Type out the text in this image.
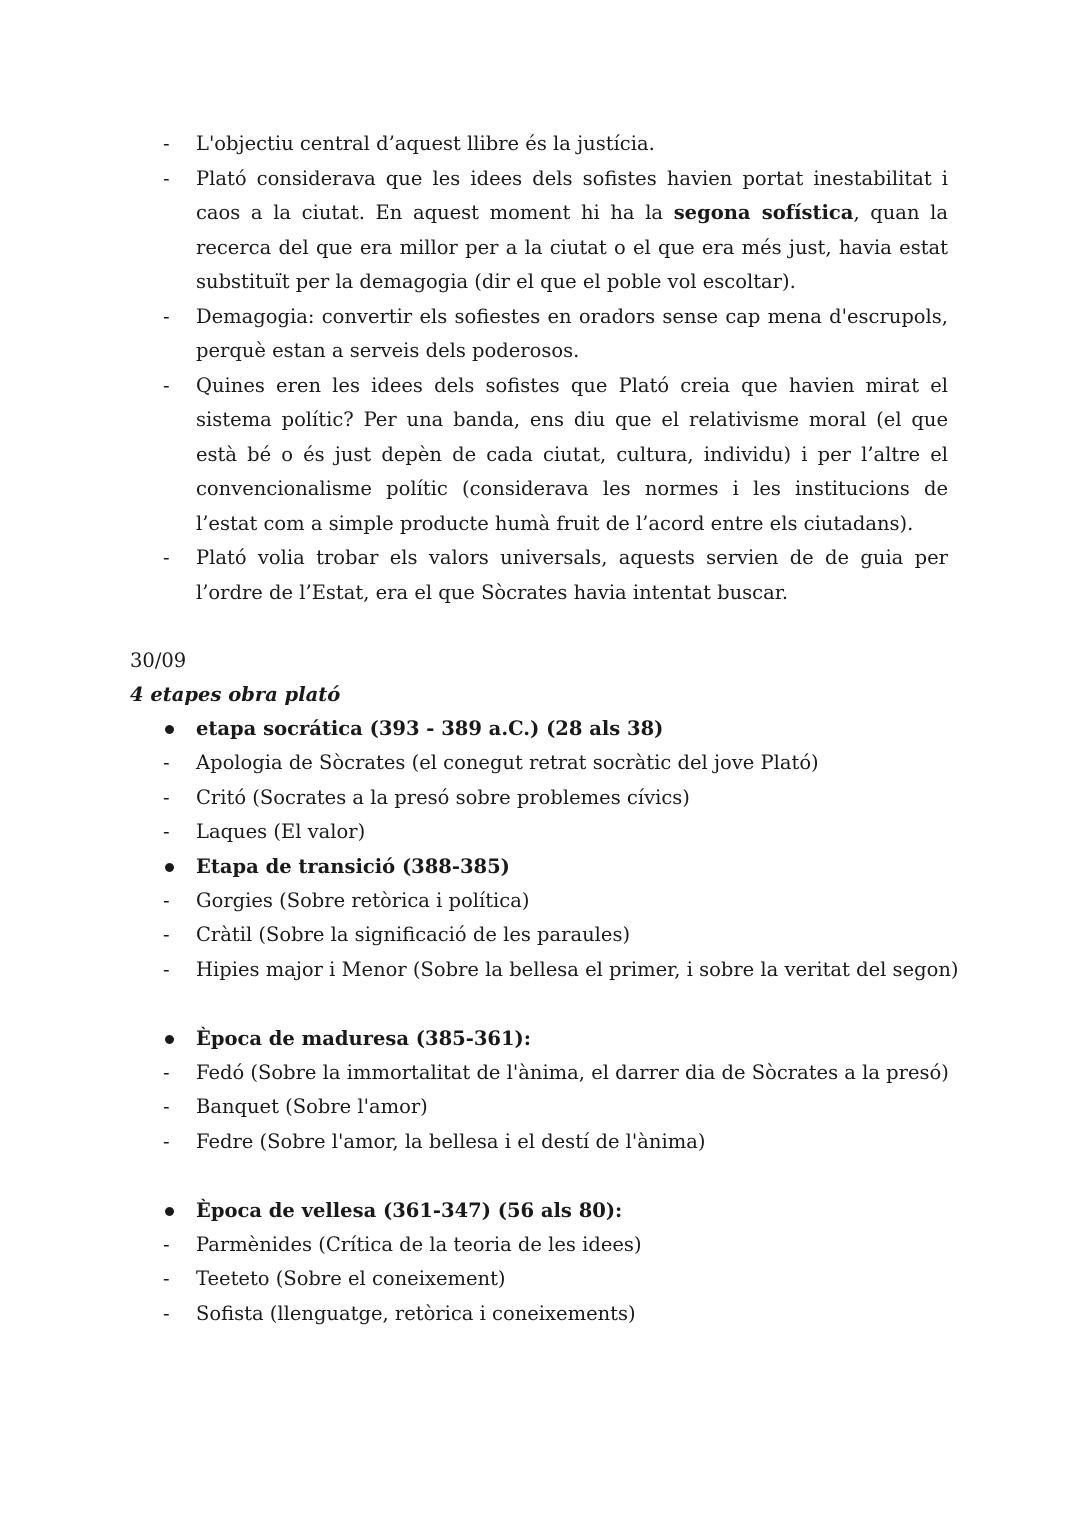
- L'objectiu central d’aquest llibre és la justícia.
- Plató considerava que les idees dels sofistes havien portat inestabilitat i caos a la ciutat. En aquest moment hi ha la segona sofística, quan la recerca del que era millor per a la ciutat o el que era més just, havia estat substituït per la demagogia (dir el que el poble vol escoltar).
- Demagogia: convertir els sofiestes en oradors sense cap mena d'escrupols, perquè estan a serveis dels poderosos.
- Quines eren les idees dels sofistes que Plató creia que havien mirat el sistema polític? Per una banda, ens diu que el relativisme moral (el que està bé o és just depèn de cada ciutat, cultura, individu) i per l’altre el convencionalisme polític (considerava les normes i les institucions de l’estat com a simple producte humà fruit de l’acord entre els ciutadans).
- Plató volia trobar els valors universals, aquests servien de de guia per l’ordre de l’Estat, era el que Sòcrates havia intentat buscar.
30/09
4 etapes obra plató
etapa socrática (393 - 389 a.C.) (28 als 38)
- Apologia de Sòcrates (el conegut retrat socràtic del jove Plató)
- Critó (Socrates a la presó sobre problemes cívics)
- Laques (El valor)
Etapa de transició (388-385)
- Gorgies (Sobre retòrica i política)
- Cràtil (Sobre la significació de les paraules)
- Hipies major i Menor (Sobre la bellesa el primer, i sobre la veritat del segon)
Època de maduresa (385-361):
- Fedó (Sobre la immortalitat de l'ànima, el darrer dia de Sòcrates a la presó)
- Banquet (Sobre l'amor)
- Fedre (Sobre l'amor, la bellesa i el destí de l'ànima)
Època de vellesa (361-347) (56 als 80):
- Parmènides (Crítica de la teoria de les idees)
- Teeteto (Sobre el coneixement)
- Sofista (llenguatge, retòrica i coneixements)
